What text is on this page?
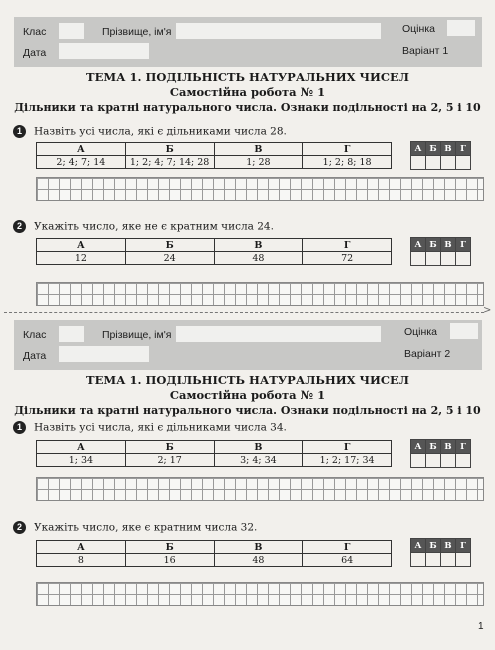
Клас	Прізвище, ім'я	Оцінка
Дата	Варіант 1
ТЕМА 1. ПОДІЛЬНІСТЬ НАТУРАЛЬНИХ ЧИСЕЛ
Самостійна робота № 1
Дільники та кратні натурального числа. Ознаки подільності на 2, 5 і 10
1 Назвіть усі числа, які є дільниками числа 28.
А	Б	В	Г
2; 4; 7; 14	1; 2; 4; 7; 14; 28	1; 28	1; 2; 8; 18
А	Б	В	Г

2 Укажіть число, яке не є кратним числа 24.
А	Б	В	Г
12	24	48	72
А	Б	В	Г

>
Клас	Прізвище, ім'я	Оцінка
Дата	Варіант 2
ТЕМА 1. ПОДІЛЬНІСТЬ НАТУРАЛЬНИХ ЧИСЕЛ
Самостійна робота № 1
Дільники та кратні натурального числа. Ознаки подільності на 2, 5 і 10
1 Назвіть усі числа, які є дільниками числа 34.
А	Б	В	Г
1; 34	2; 17	3; 4; 34	1; 2; 17; 34
А	Б	В	Г

2 Укажіть число, яке є кратним числа 32.
А	Б	В	Г
8	16	48	64
А	Б	В	Г

1
